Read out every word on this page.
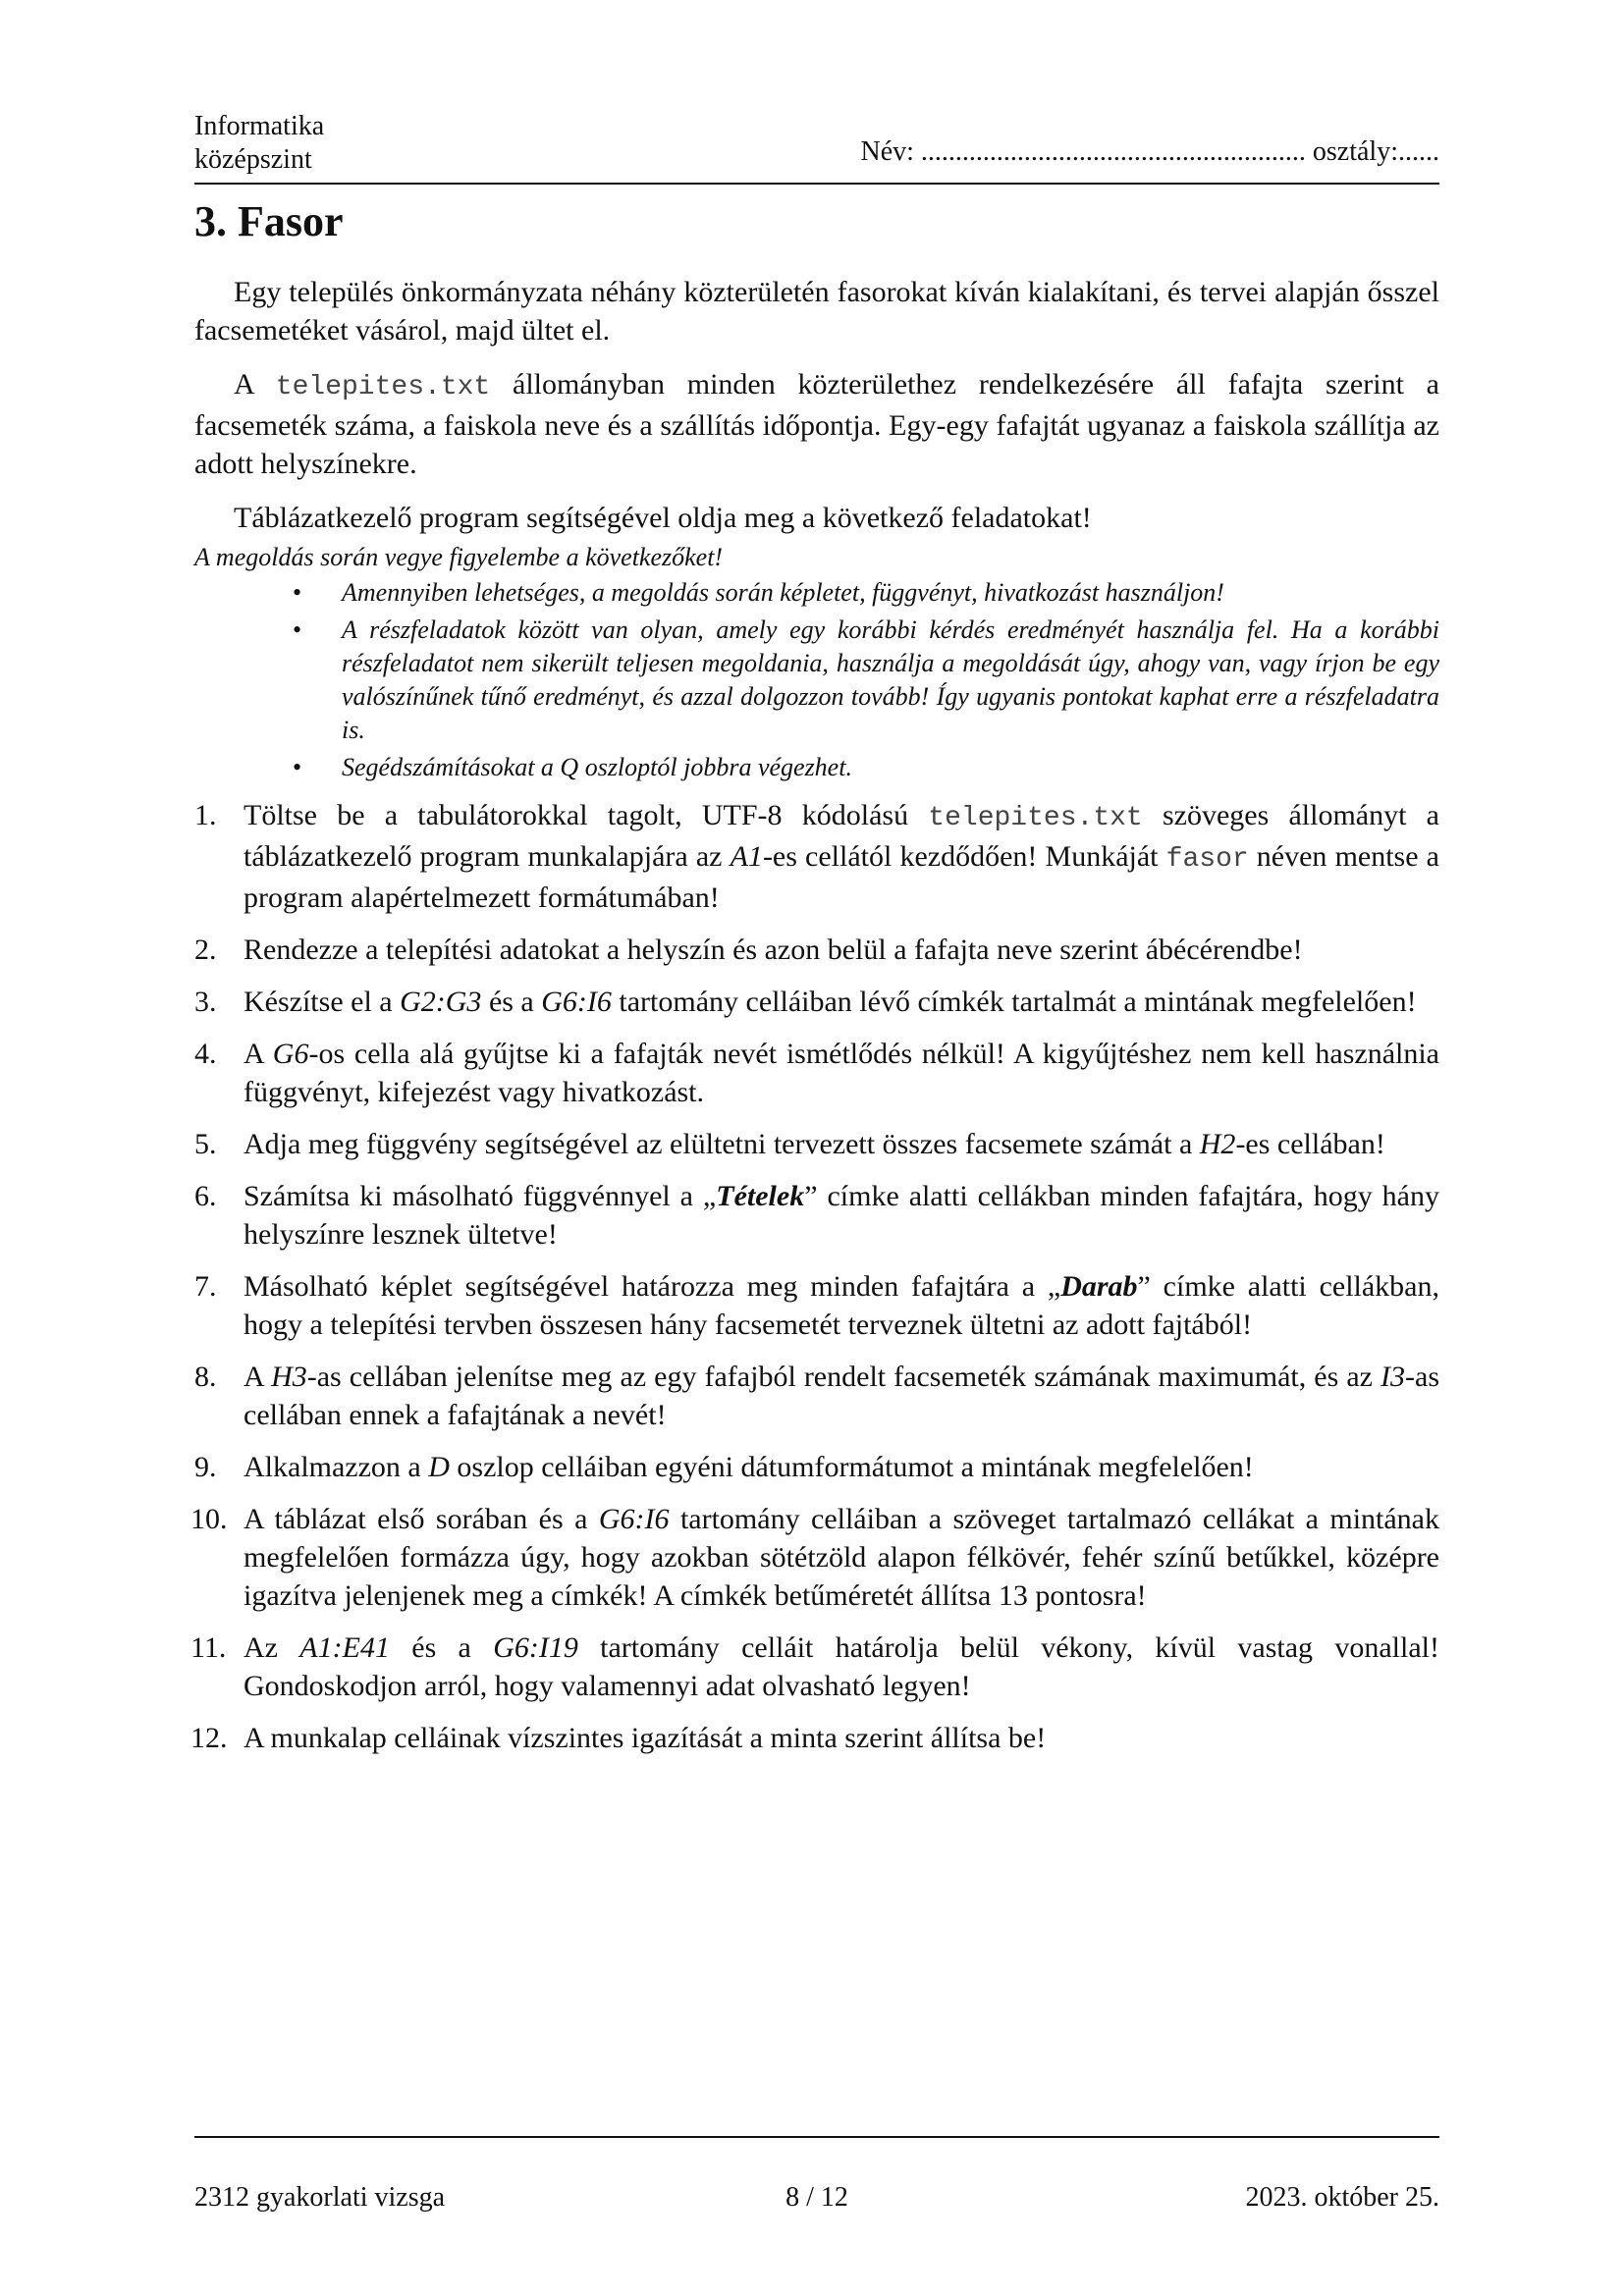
Informatika
középszint	Név: ........................................................ osztály:......
3. Fasor

Egy település önkormányzata néhány közterületén fasorokat kíván kialakítani, és tervei alapján ősszel facsemetéket vásárol, majd ültet el.

A telepites.txt állományban minden közterülethez rendelkezésére áll fafajta szerint a facsemeték száma, a faiskola neve és a szállítás időpontja. Egy-egy fafajtát ugyanaz a faiskola szállítja az adott helyszínekre.

Táblázatkezelő program segítségével oldja meg a következő feladatokat!

A megoldás során vegye figyelembe a következőket!

• Amennyiben lehetséges, a megoldás során képletet, függvényt, hivatkozást használjon!
• A részfeladatok között van olyan, amely egy korábbi kérdés eredményét használja fel. Ha a korábbi részfeladatot nem sikerült teljesen megoldania, használja a megoldását úgy, ahogy van, vagy írjon be egy valószínűnek tűnő eredményt, és azzal dolgozzon tovább! Így ugyanis pontokat kaphat erre a részfeladatra is.
• Segédszámításokat a Q oszloptól jobbra végezhet.
1. Töltse be a tabulátorokkal tagolt, UTF-8 kódolású telepites.txt szöveges állományt a táblázatkezelő program munkalapjára az A1-es cellától kezdődően! Munkáját fasor néven mentse a program alapértelmezett formátumában!
2. Rendezze a telepítési adatokat a helyszín és azon belül a fafajta neve szerint ábécérendbe!
3. Készítse el a G2:G3 és a G6:I6 tartomány celláiban lévő címkék tartalmát a mintának megfelelően!
4. A G6-os cella alá gyűjtse ki a fafajták nevét ismétlődés nélkül! A kigyűjtéshez nem kell használnia függvényt, kifejezést vagy hivatkozást.
5. Adja meg függvény segítségével az elültetni tervezett összes facsemete számát a H2-es cellában!
6. Számítsa ki másolható függvénnyel a „Tételek” címke alatti cellákban minden fafajtára, hogy hány helyszínre lesznek ültetve!
7. Másolható képlet segítségével határozza meg minden fafajtára a „Darab” címke alatti cellákban, hogy a telepítési tervben összesen hány facsemetét terveznek ültetni az adott fajtából!
8. A H3-as cellában jelenítse meg az egy fafajból rendelt facsemeték számának maximumát, és az I3-as cellában ennek a fafajtának a nevét!
9. Alkalmazzon a D oszlop celláiban egyéni dátumformátumot a mintának megfelelően!
10. A táblázat első sorában és a G6:I6 tartomány celláiban a szöveget tartalmazó cellákat a mintának megfelelően formázza úgy, hogy azokban sötétzöld alapon félkövér, fehér színű betűkkel, középre igazítva jelenjenek meg a címkék! A címkék betűméretét állítsa 13 pontosra!
11. Az A1:E41 és a G6:I19 tartomány celláit határolja belül vékony, kívül vastag vonallal! Gondoskodjon arról, hogy valamennyi adat olvasható legyen!
12. A munkalap celláinak vízszintes igazítását a minta szerint állítsa be!
8 / 12
2312 gyakorlati vizsga	2023. október 25.
